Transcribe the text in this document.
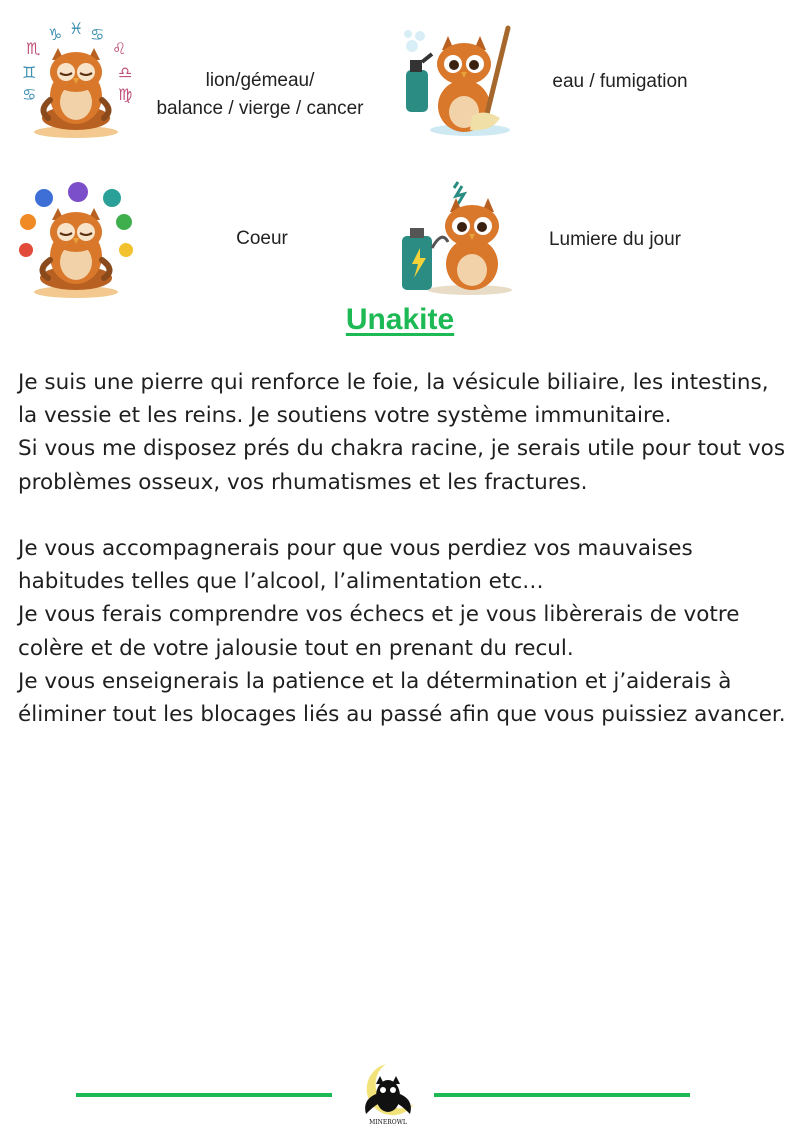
♏
♑ ♓ ♋
♌
♊	♎
♋	♍
lion/gémeau/
balance / vierge / cancer
eau / fumigation
Coeur	Lumiere du jour
Unakite

Je suis une pierre qui renforce le foie, la vésicule biliaire, les intestins, la vessie et les reins. Je soutiens votre système immunitaire.

Si vous me disposez prés du chakra racine, je serais utile pour tout vos problèmes osseux, vos rhumatismes et les fractures.

Je vous accompagnerais pour que vous perdiez vos mauvaises habitudes telles que l’alcool, l’alimentation etc…

Je vous ferais comprendre vos échecs et je vous libèrerais de votre colère et de votre jalousie tout en prenant du recul.

Je vous enseignerais la patience et la détermination et j’aiderais à éliminer tout les blocages liés au passé afin que vous puissiez avancer.

MINEROWL
